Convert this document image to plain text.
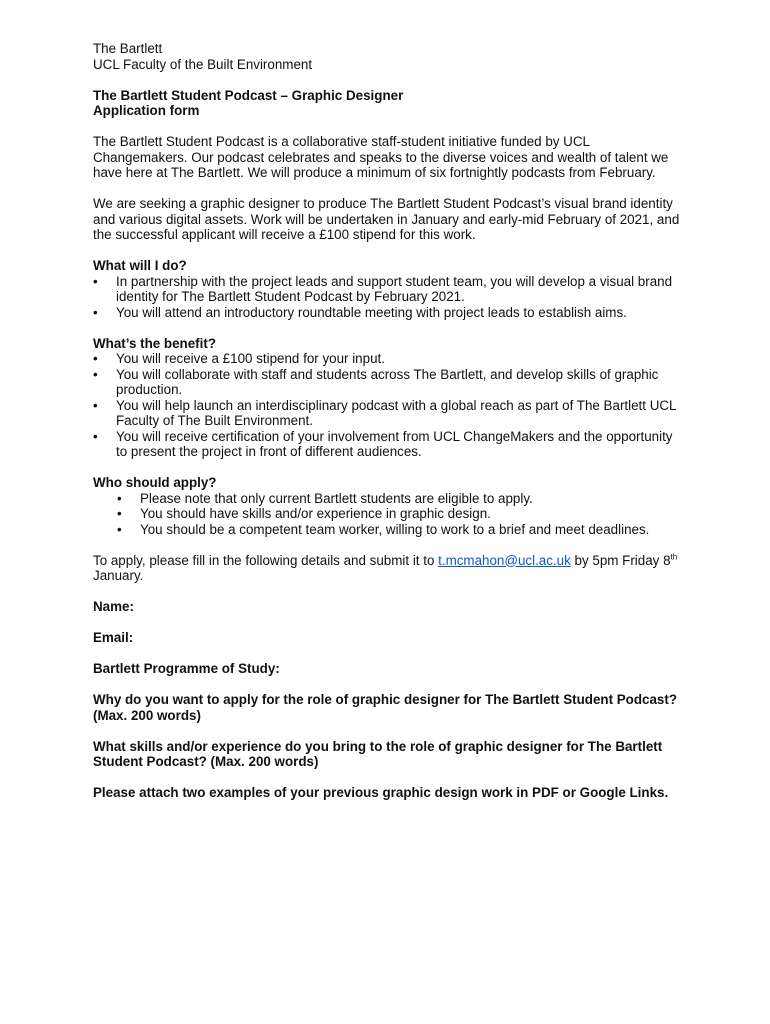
The Bartlett
UCL Faculty of the Built Environment
The Bartlett Student Podcast – Graphic Designer
Application form
The Bartlett Student Podcast is a collaborative staff-student initiative funded by UCL Changemakers. Our podcast celebrates and speaks to the diverse voices and wealth of talent we have here at The Bartlett. We will produce a minimum of six fortnightly podcasts from February.
We are seeking a graphic designer to produce The Bartlett Student Podcast’s visual brand identity and various digital assets. Work will be undertaken in January and early-mid February of 2021, and the successful applicant will receive a £100 stipend for this work.
What will I do?
• In partnership with the project leads and support student team, you will develop a visual brand identity for The Bartlett Student Podcast by February 2021.
• You will attend an introductory roundtable meeting with project leads to establish aims.
What’s the benefit?
• You will receive a £100 stipend for your input.
• You will collaborate with staff and students across The Bartlett, and develop skills of graphic production.
• You will help launch an interdisciplinary podcast with a global reach as part of The Bartlett UCL Faculty of The Built Environment.
• You will receive certification of your involvement from UCL ChangeMakers and the opportunity to present the project in front of different audiences.
Who should apply?
• Please note that only current Bartlett students are eligible to apply.
• You should have skills and/or experience in graphic design.
• You should be a competent team worker, willing to work to a brief and meet deadlines.
To apply, please fill in the following details and submit it to t.mcmahon@ucl.ac.uk by 5pm Friday 8th January.
Name:
Email:
Bartlett Programme of Study:
Why do you want to apply for the role of graphic designer for The Bartlett Student Podcast? (Max. 200 words)
What skills and/or experience do you bring to the role of graphic designer for The Bartlett Student Podcast? (Max. 200 words)
Please attach two examples of your previous graphic design work in PDF or Google Links.
